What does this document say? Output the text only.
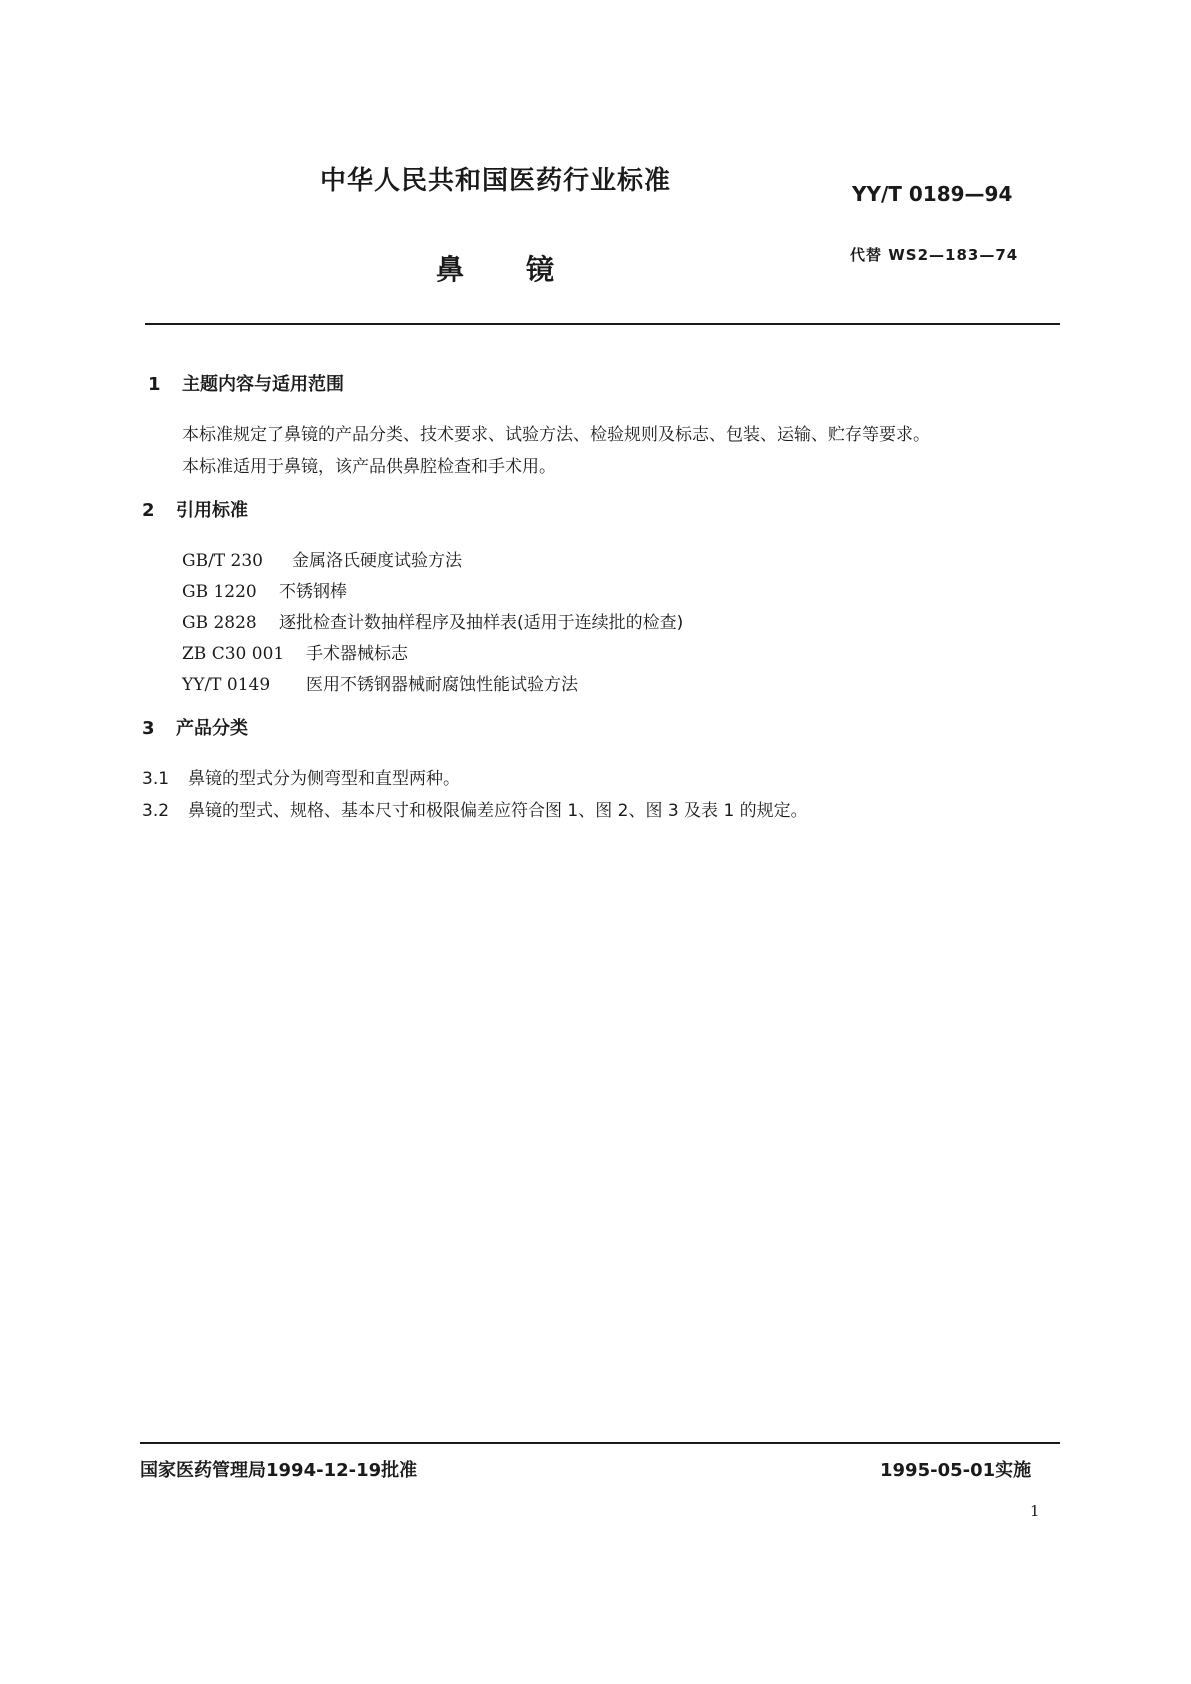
中华人民共和国医药行业标准	YY/T 0189—94
鼻镜	代替 WS2—183—74
1 主题内容与适用范围
本标准规定了鼻镜的产品分类、技术要求、试验方法、检验规则及标志、包装、运输、贮存等要求。
本标准适用于鼻镜，该产品供鼻腔检查和手术用。
2 引用标准
GB/T 230 金属洛氏硬度试验方法
GB 1220 不锈钢棒
GB 2828 逐批检查计数抽样程序及抽样表(适用于连续批的检查)
ZB C30 001 手术器械标志
YY/T 0149 医用不锈钢器械耐腐蚀性能试验方法
3 产品分类
3.1 鼻镜的型式分为侧弯型和直型两种。
3.2 鼻镜的型式、规格、基本尺寸和极限偏差应符合图 1、图 2、图 3 及表 1 的规定。
国家医药管理局1994-12-19批准	1995-05-01实施
1
